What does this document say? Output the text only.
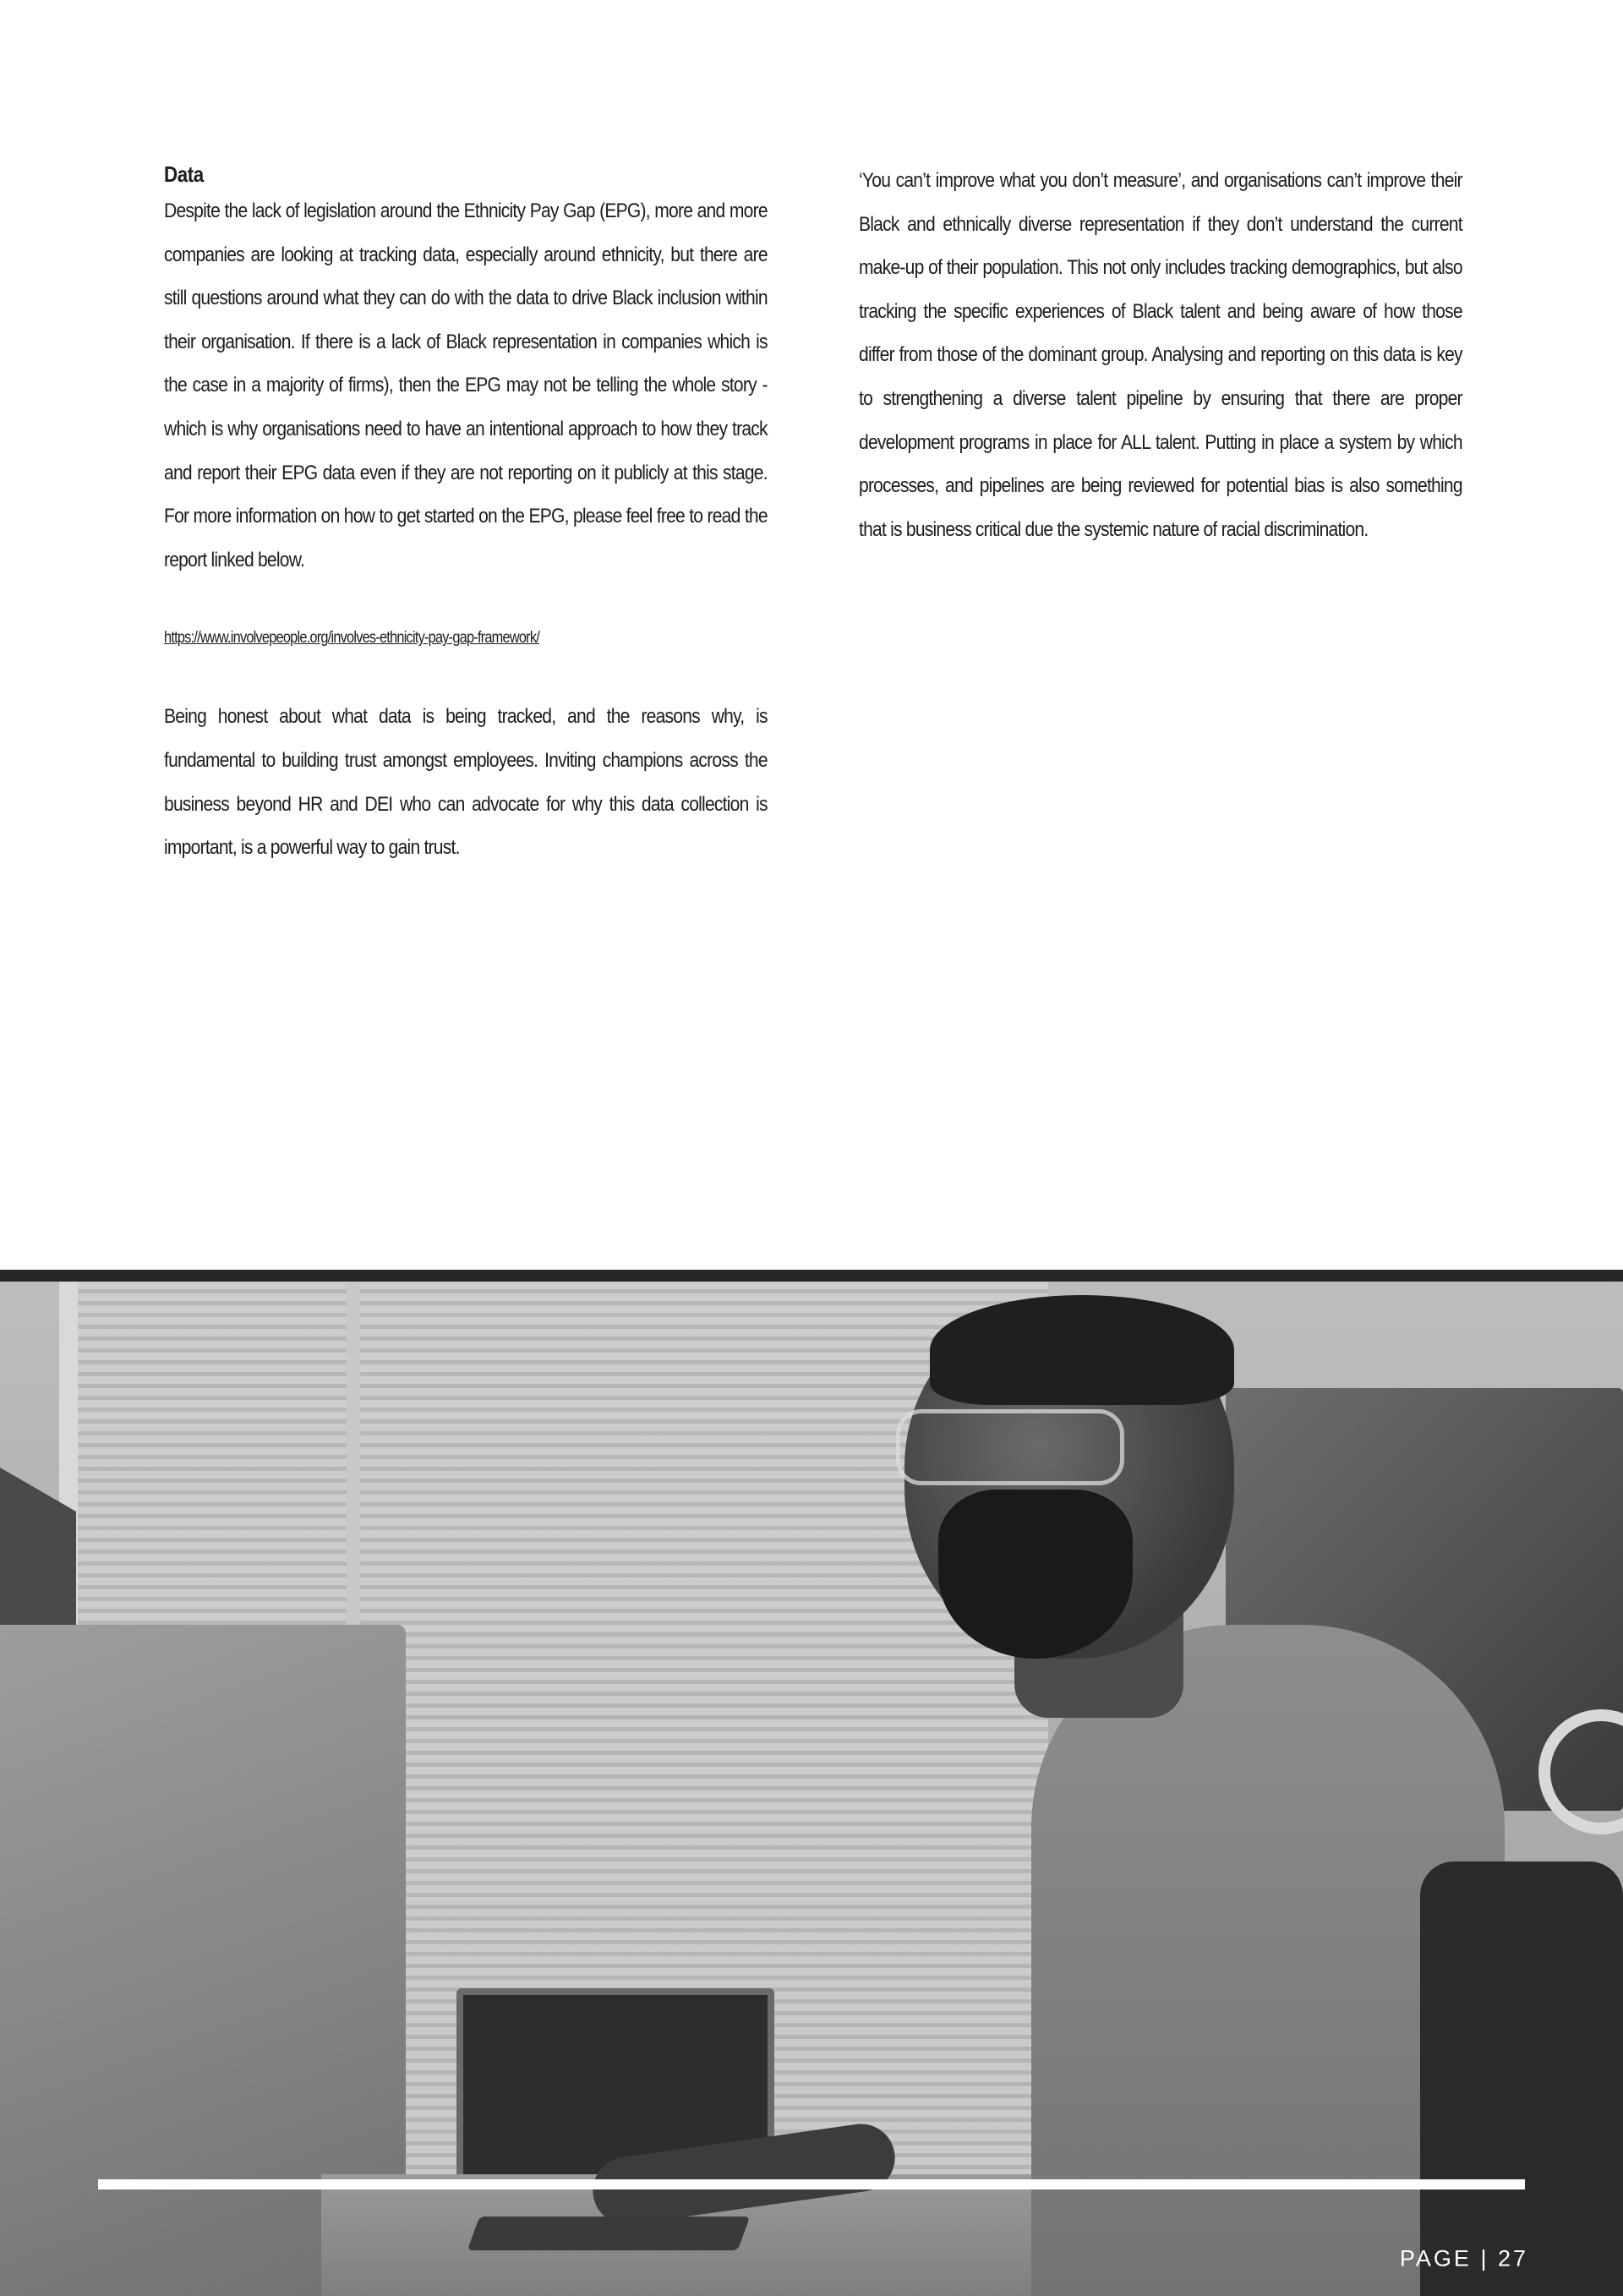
Data

Despite the lack of legislation around the Ethnicity Pay Gap (EPG), more and more companies are looking at tracking data, especially around ethnicity, but there are still questions around what they can do with the data to drive Black inclusion within their organisation. If there is a lack of Black representation in companies which is the case in a majority of firms), then the EPG may not be telling the whole story - which is why organisations need to have an intentional approach to how they track and report their EPG data even if they are not reporting on it publicly at this stage. For more information on how to get started on the EPG, please feel free to read the report linked below.

https://www.involvepeople.org/involves-ethnicity-pay-gap-framework/

Being honest about what data is being tracked, and the reasons why, is fundamental to building trust amongst employees. Inviting champions across the business beyond HR and DEI who can advocate for why this data collection is important, is a powerful way to gain trust.

‘You can’t improve what you don’t measure’, and organisations can’t improve their Black and ethnically diverse representation if they don’t understand the current make-up of their population. This not only includes tracking demographics, but also tracking the specific experiences of Black talent and being aware of how those differ from those of the dominant group. Analysing and reporting on this data is key to strengthening a diverse talent pipeline by ensuring that there are proper development programs in place for ALL talent. Putting in place a system by which processes, and pipelines are being reviewed for potential bias is also something that is business critical due the systemic nature of racial discrimination.

PAGE | 27
